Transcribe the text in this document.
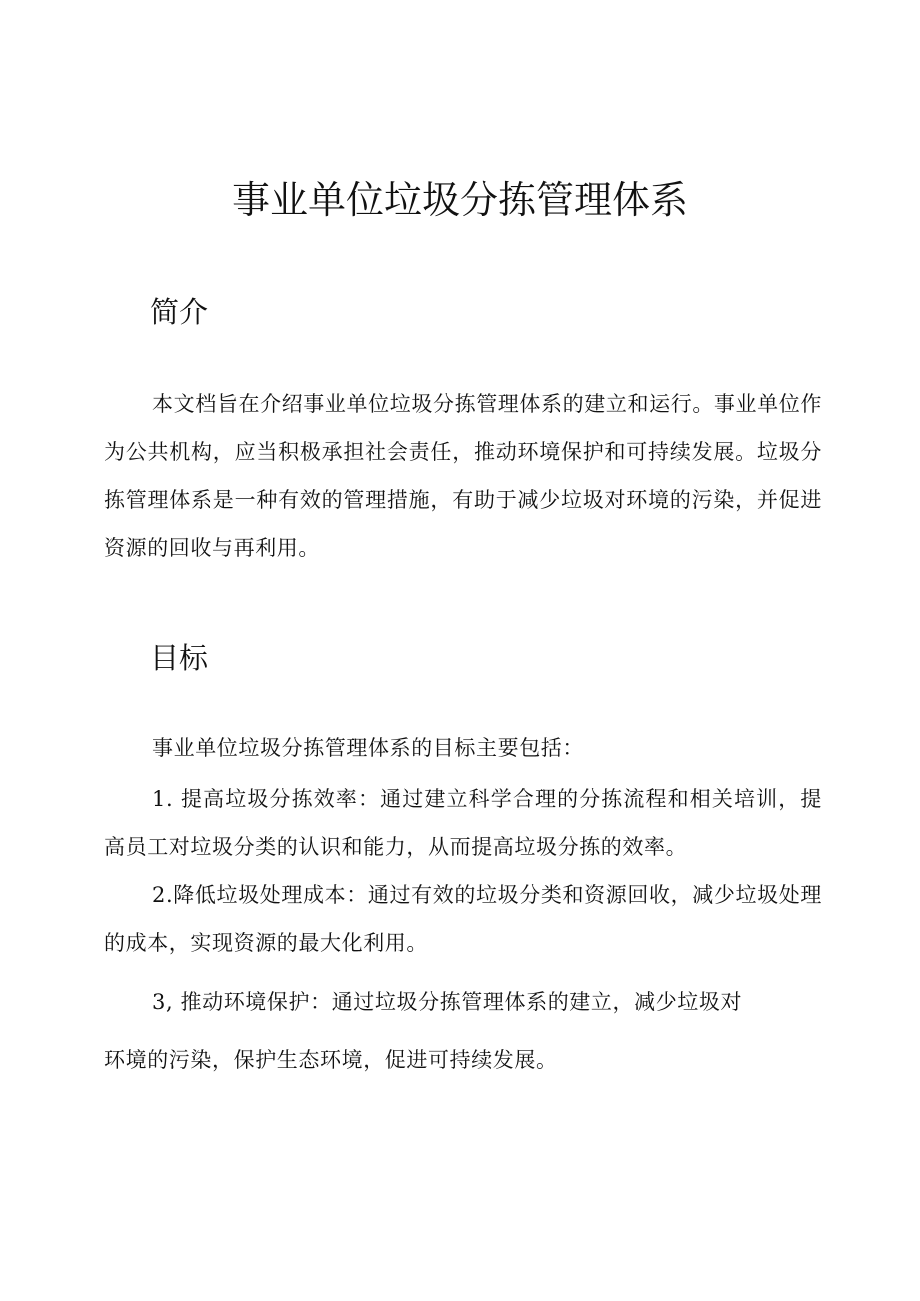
事业单位垃圾分拣管理体系
简介

本文档旨在介绍事业单位垃圾分拣管理体系的建立和运行。事业单位作为公共机构，应当积极承担社会责任，推动环境保护和可持续发展。垃圾分拣管理体系是一种有效的管理措施，有助于减少垃圾对环境的污染，并促进资源的回收与再利用。

目标

事业单位垃圾分拣管理体系的目标主要包括：

1. 提高垃圾分拣效率：通过建立科学合理的分拣流程和相关培训，提高员工对垃圾分类的认识和能力，从而提高垃圾分拣的效率。

2.降低垃圾处理成本：通过有效的垃圾分类和资源回收，减少垃圾处理的成本，实现资源的最大化利用。

3, 推动环境保护：通过垃圾分拣管理体系的建立，减少垃圾对
环境的污染，保护生态环境，促进可持续发展。
